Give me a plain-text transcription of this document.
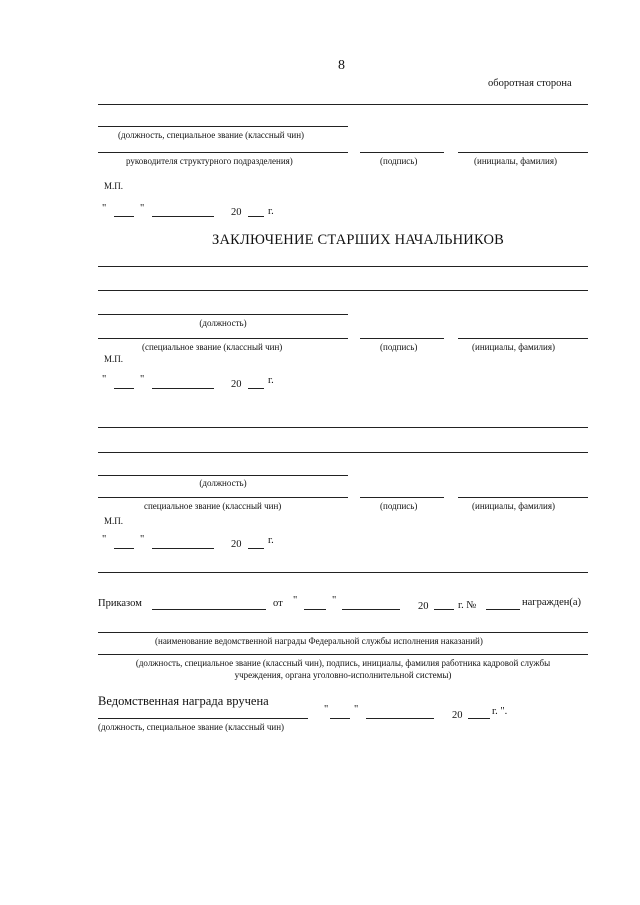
8
оборотная сторона
(должность, специальное звание (классный чин)
руководителя структурного подразделения)	(подпись)	(инициалы, фамилия)
М.П.
"	"	20	г.
ЗАКЛЮЧЕНИЕ СТАРШИХ НАЧАЛЬНИКОВ
(должность)
(специальное звание (классный чин)	(подпись)	(инициалы, фамилия)
М.П.
"	"	20	г.
(должность)
специальное звание (классный чин)	(подпись)	(инициалы, фамилия)
М.П.
"	"	20	г.
Приказом	от "	"
20	г. №	награжден(а)
(наименование ведомственной награды Федеральной службы исполнения наказаний)
(должность, специальное звание (классный чин), подпись, инициалы, фамилия работника кадровой службы
учреждения, органа уголовно-исполнительной системы)
Ведомственная награда вручена
" "
20	г. ".
(должность, специальное звание (классный чин)
